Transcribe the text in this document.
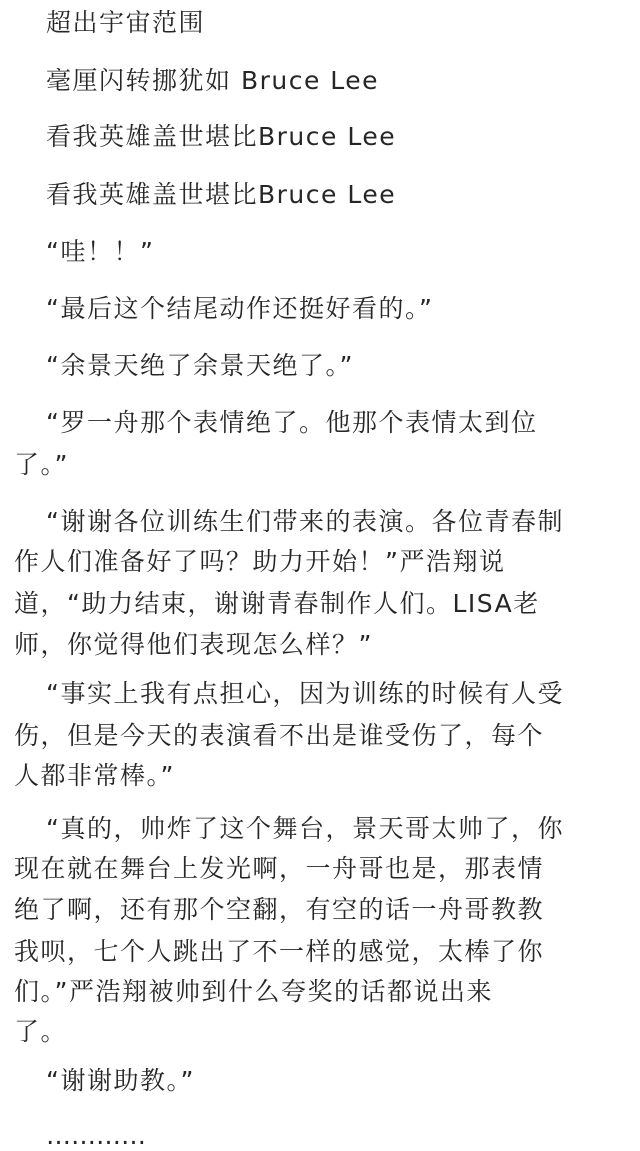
超出宇宙范围
毫厘闪转挪犹如 Bruce Lee
看我英雄盖世堪比Bruce Lee
看我英雄盖世堪比Bruce Lee
“哇！！”
“最后这个结尾动作还挺好看的。”
“余景天绝了余景天绝了。”
“罗一舟那个表情绝了。他那个表情太到位
了。”
“谢谢各位训练生们带来的表演。各位青春制
作人们准备好了吗？助力开始！”严浩翔说
道，“助力结束，谢谢青春制作人们。LISA老
师，你觉得他们表现怎么样？”
“事实上我有点担心，因为训练的时候有人受
伤，但是今天的表演看不出是谁受伤了，每个
人都非常棒。”
“真的，帅炸了这个舞台，景天哥太帅了，你
现在就在舞台上发光啊，一舟哥也是，那表情
绝了啊，还有那个空翻，有空的话一舟哥教教
我呗，七个人跳出了不一样的感觉，太棒了你
们。”严浩翔被帅到什么夸奖的话都说出来
了。
“谢谢助教。”
…………
